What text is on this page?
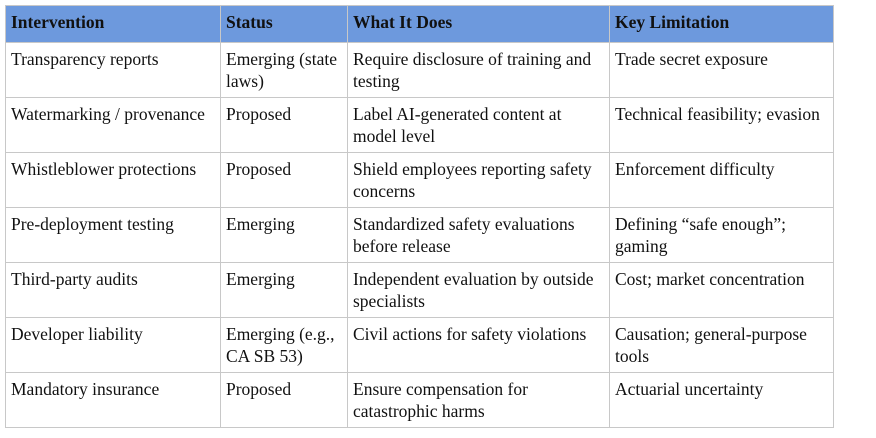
Intervention	Status	What It Does	Key Limitation
Transparency reports	Emerging (state laws)	Require disclosure of training and testing	Trade secret exposure
Watermarking / provenance	Proposed	Label AI-generated content at model level	Technical feasibility; evasion
Whistleblower protections	Proposed	Shield employees reporting safety concerns	Enforcement difficulty
Pre-deployment testing	Emerging	Standardized safety evaluations before release	Defining “safe enough”; gaming
Third-party audits	Emerging	Independent evaluation by outside specialists	Cost; market concentration
Developer liability	Emerging (e.g., CA SB 53)	Civil actions for safety violations	Causation; general-purpose tools
Mandatory insurance	Proposed	Ensure compensation for catastrophic harms	Actuarial uncertainty
